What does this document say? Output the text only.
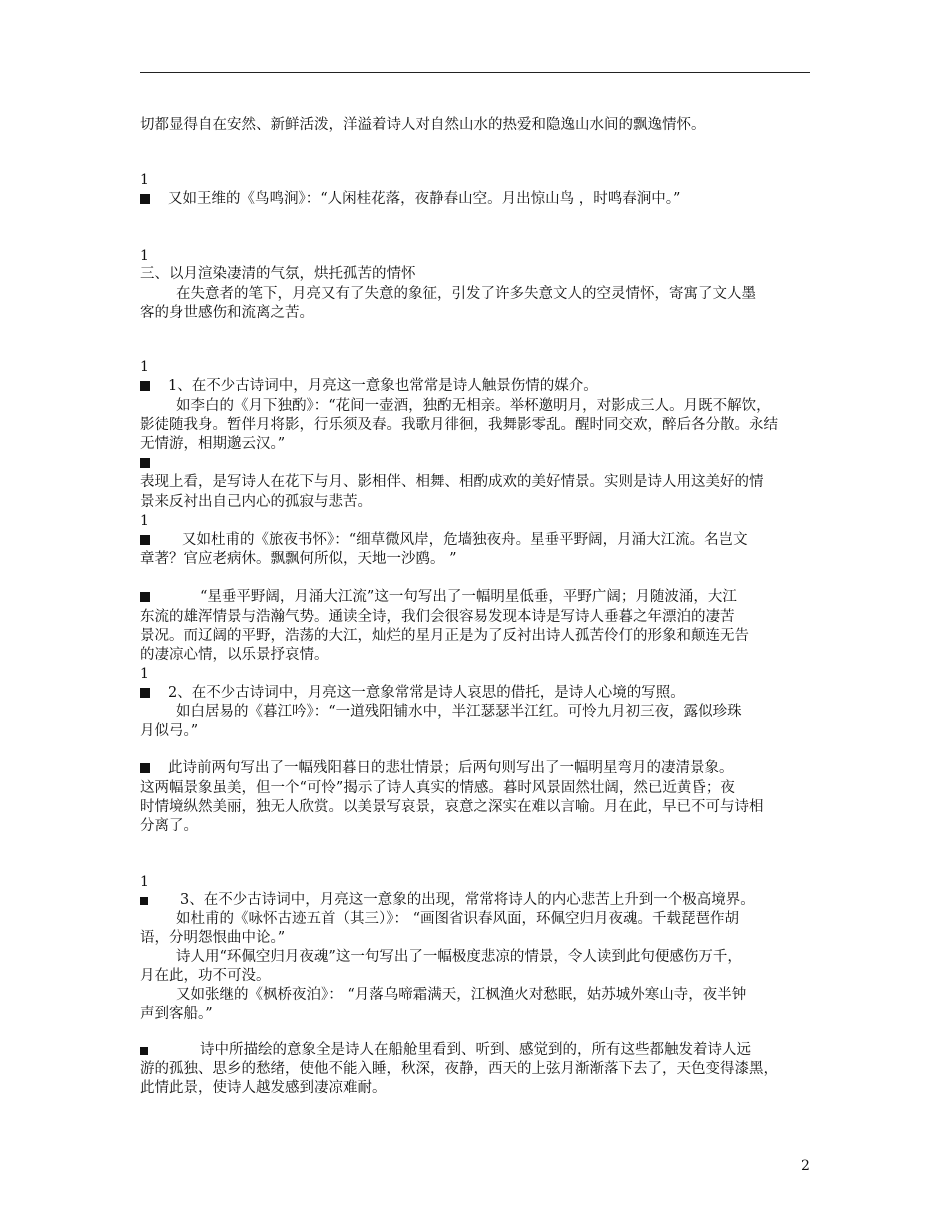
切都显得自在安然、新鲜活泼，洋溢着诗人对自然山水的热爱和隐逸山水间的飘逸情怀。
1
又如王维的《鸟鸣涧》：“人闲桂花落，夜静春山空。月出惊山鸟 ，时鸣春涧中。”
1
三、以月渲染凄清的气氛，烘托孤苦的情怀
在失意者的笔下，月亮又有了失意的象征，引发了许多失意文人的空灵情怀，寄寓了文人墨
客的身世感伤和流离之苦。
1
1、在不少古诗词中，月亮这一意象也常常是诗人触景伤情的媒介。
如李白的《月下独酌》：“花间一壶酒，独酌无相亲。举杯邀明月，对影成三人。月既不解饮，
影徒随我身。暂伴月将影，行乐须及春。我歌月徘徊，我舞影零乱。醒时同交欢，醉后各分散。永结
无情游，相期邈云汉。”
表现上看，是写诗人在花下与月、影相伴、相舞、相酌成欢的美好情景。实则是诗人用这美好的情
景来反衬出自己内心的孤寂与悲苦。
1
又如杜甫的《旅夜书怀》：“细草微风岸，危墙独夜舟。星垂平野阔，月涌大江流。名岂文
章著？官应老病休。飘飘何所似，天地一沙鸥。 ”
“星垂平野阔，月涌大江流”这一句写出了一幅明星低垂，平野广阔；月随波涌，大江
东流的雄浑情景与浩瀚气势。通读全诗，我们会很容易发现本诗是写诗人垂暮之年漂泊的凄苦
景况。而辽阔的平野，浩荡的大江，灿烂的星月正是为了反衬出诗人孤苦伶仃的形象和颠连无告
的凄凉心情，以乐景抒哀情。
1
2、在不少古诗词中，月亮这一意象常常是诗人哀思的借托，是诗人心境的写照。
如白居易的《暮江吟》：“一道残阳铺水中，半江瑟瑟半江红。可怜九月初三夜，露似珍珠
月似弓。”
此诗前两句写出了一幅残阳暮日的悲壮情景；后两句则写出了一幅明星弯月的凄清景象。
这两幅景象虽美，但一个“可怜”揭示了诗人真实的情感。暮时风景固然壮阔，然已近黄昏；夜
时情境纵然美丽，独无人欣赏。以美景写哀景，哀意之深实在难以言喻。月在此，早已不可与诗相
分离了。
1
3、在不少古诗词中，月亮这一意象的出现，常常将诗人的内心悲苦上升到一个极高境界。
如杜甫的《咏怀古迹五首（其三）》： “画图省识春风面，环佩空归月夜魂。千载琵琶作胡
语，分明怨恨曲中论。”
诗人用“环佩空归月夜魂”这一句写出了一幅极度悲凉的情景，令人读到此句便感伤万千，
月在此，功不可没。
又如张继的《枫桥夜泊》： “月落乌啼霜满天，江枫渔火对愁眠，姑苏城外寒山寺，夜半钟
声到客船。”
诗中所描绘的意象全是诗人在船舱里看到、听到、感觉到的，所有这些都触发着诗人远
游的孤独、思乡的愁绪，使他不能入睡，秋深，夜静，西天的上弦月渐渐落下去了，天色变得漆黑，
此情此景，使诗人越发感到凄凉难耐。
2
